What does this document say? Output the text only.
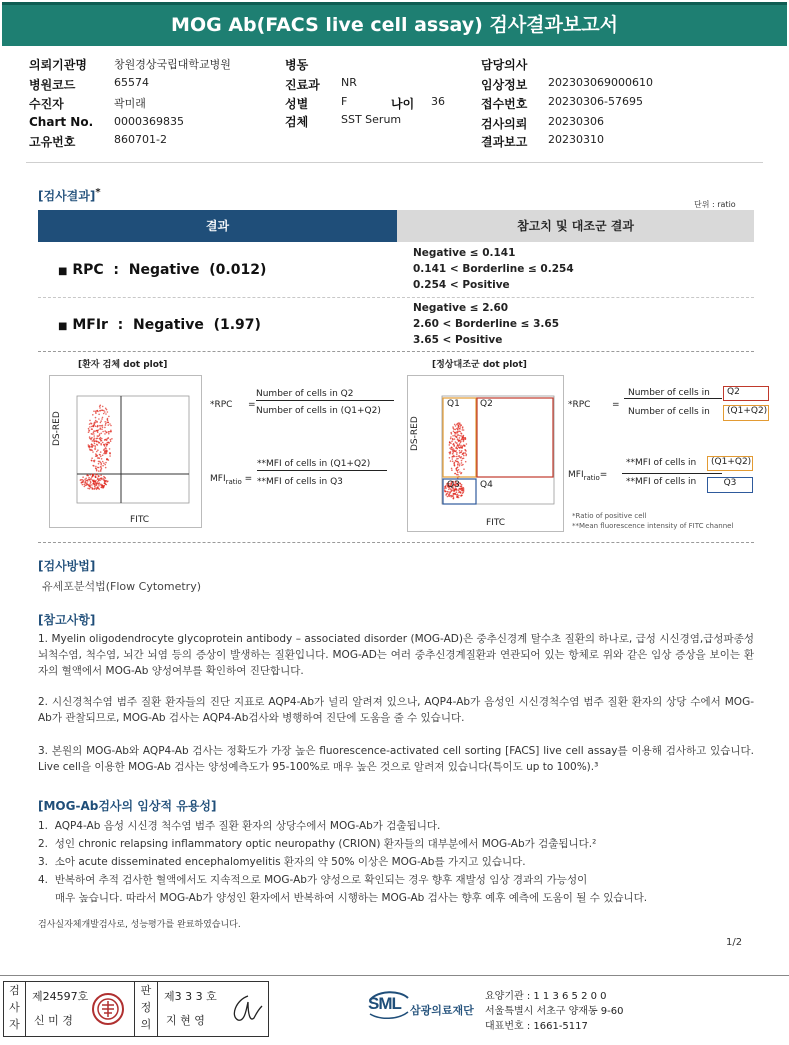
MOG Ab(FACS live cell assay) 검사결과보고서
의뢰기관명 창원경상국립대학교병원
병원코드	65574
수진자	곽미래
Chart No. 0000369835
고유번호	860701-2
병동
진료과 NR
성별	F	나이 36
검체	SST Serum
담당의사
임상정보 202303069000610
접수번호 20230306-57695
검사의뢰 20230306
결과보고 20230310
[검사결과]*
단위 : ratio
결과	참고치 및 대조군 결과
■ RPC  :  Negative  (0.012)
Negative ≤ 0.141
0.141 < Borderline ≤ 0.254
0.254 < Positive
■ MFIr  :  Negative  (1.97)
Negative ≤ 2.60
2.60 < Borderline ≤ 3.65
3.65 < Positive
[환자 검체 dot plot]	[정상대조군 dot plot]
DS-RED
FITC
*RPC =
Number of cells in Q2
Number of cells in (Q1+Q2)
$MFI_{ratio}$ =
**MFI of cells in (Q1+Q2)
**MFI of cells in Q3
Q1 Q2
Q3 Q4
DS-RED
FITC
*RPC =
Number of cells in	Q2
Number of cells in	(Q1+Q2)
$MFI_{ratio}=$
**MFI of cells in	(Q1+Q2)
**MFI of cells in	Q3
*Ratio of positive cell
**Mean fluorescence intensity of FITC channel
[검사방법]
유세포분석법(Flow Cytometry)
[참고사항]
1. Myelin oligodendrocyte glycoprotein antibody – associated disorder (MOG-AD)은 중추신경계 탈수초 질환의 하나로, 급성 시신경염,급성파종성 뇌척수염, 척수염, 뇌간 뇌염 등의 증상이 발생하는 질환입니다. MOG-AD는 여러 중추신경계질환과 연관되어 있는 항체로 위와 같은 임상 증상을 보이는 환자의 혈액에서 MOG-Ab 양성여부를 확인하여 진단합니다.
2. 시신경척수염 범주 질환 환자들의 진단 지표로 AQP4-Ab가 널리 알려져 있으나, AQP4-Ab가 음성인 시신경척수염 범주 질환 환자의 상당 수에서 MOG-Ab가 관찰되므로, MOG-Ab 검사는 AQP4-Ab검사와 병행하여 진단에 도움을 줄 수 있습니다.
3. 본원의 MOG-Ab와 AQP4-Ab 검사는 정확도가 가장 높은 fluorescence-activated cell sorting [FACS] live cell assay를 이용해 검사하고 있습니다. Live cell을 이용한 MOG-Ab 검사는 양성예측도가 95-100%로 매우 높은 것으로 알려져 있습니다(특이도 up to 100%).³
[MOG-Ab검사의 임상적 유용성]
1.  AQP4-Ab 음성 시신경 척수염 범주 질환 환자의 상당수에서 MOG-Ab가 검출됩니다.
2.  성인 chronic relapsing inflammatory optic neuropathy (CRION) 환자들의 대부분에서 MOG-Ab가 검출됩니다.²
3.  소아 acute disseminated encephalomyelitis 환자의 약 50% 이상은 MOG-Ab를 가지고 있습니다.
4.  반복하여 추적 검사한 혈액에서도 지속적으로 MOG-Ab가 양성으로 확인되는 경우 향후 재발성 임상 경과의 가능성이
매우 높습니다. 따라서 MOG-Ab가 양성인 환자에서 반복하여 시행하는 MOG-Ab 검사는 향후 예후 예측에 도움이 될 수 있습니다.
검사실자체개발검사로, 성능평가를 완료하였습니다.
1/2
검
사
자
제24597호
신 미 경
판
정
의
제3 3 3 호
지 현 영
SML 삼광의료재단
요양기관 : 1 1 3 6 5 2 0 0
서울특별시 서초구 양재동 9-60
대표번호 : 1661-5117
